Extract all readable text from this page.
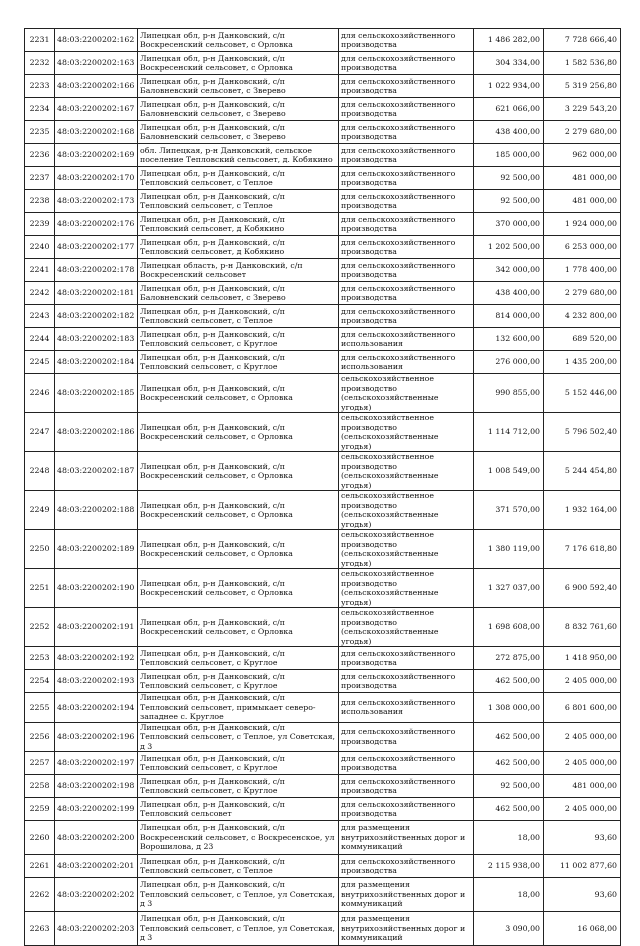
2231	48:03:2200202:162	Липецкая обл, р-н Данковский, с/п Воскресенский сельсовет, с Орловка	для сельскохозяйственного производства	1 486 282,00	7 728 666,40
2232	48:03:2200202:163	Липецкая обл, р-н Данковский, с/п Воскресенский сельсовет, с Орловка	для сельскохозяйственного производства	304 334,00	1 582 536,80
2233	48:03:2200202:166	Липецкая обл, р-н Данковский, с/п Баловневский сельсовет, с Зверево	для сельскохозяйственного производства	1 022 934,00	5 319 256,80
2234	48:03:2200202:167	Липецкая обл, р-н Данковский, с/п Баловневский сельсовет, с Зверево	для сельскохозяйственного производства	621 066,00	3 229 543,20
2235	48:03:2200202:168	Липецкая обл, р-н Данковский, с/п Баловневский сельсовет, с Зверево	для сельскохозяйственного производства	438 400,00	2 279 680,00
2236	48:03:2200202:169	обл. Липецкая, р-н Данковский, сельское поселение Тепловский сельсовет, д. Кобякино	для сельскохозяйственного производства	185 000,00	962 000,00
2237	48:03:2200202:170	Липецкая обл, р-н Данковский, с/п Тепловский сельсовет, с Теплое	для сельскохозяйственного производства	92 500,00	481 000,00
2238	48:03:2200202:173	Липецкая обл, р-н Данковский, с/п Тепловский сельсовет, с Теплое	для сельскохозяйственного производства	92 500,00	481 000,00
2239	48:03:2200202:176	Липецкая обл, р-н Данковский, с/п Тепловский сельсовет, д Кобякино	для сельскохозяйственного производства	370 000,00	1 924 000,00
2240	48:03:2200202:177	Липецкая обл, р-н Данковский, с/п Тепловский сельсовет, д Кобякино	для сельскохозяйственного производства	1 202 500,00	6 253 000,00
2241	48:03:2200202:178	Липецкая область, р-н Данковский, с/п Воскресенский сельсовет	для сельскохозяйственного производства	342 000,00	1 778 400,00
2242	48:03:2200202:181	Липецкая обл, р-н Данковский, с/п Баловневский сельсовет, с Зверево	для сельскохозяйственного производства	438 400,00	2 279 680,00
2243	48:03:2200202:182	Липецкая обл, р-н Данковский, с/п Тепловский сельсовет, с Теплое	для сельскохозяйственного производства	814 000,00	4 232 800,00
2244	48:03:2200202:183	Липецкая обл, р-н Данковский, с/п Тепловский сельсовет, с Круглое	для сельскохозяйственного использования	132 600,00	689 520,00
2245	48:03:2200202:184	Липецкая обл, р-н Данковский, с/п Тепловский сельсовет, с Круглое	для сельскохозяйственного использования	276 000,00	1 435 200,00
2246	48:03:2200202:185	Липецкая обл, р-н Данковский, с/п Воскресенский сельсовет, с Орловка	сельскохозяйственное производство (сельскохозяйственные угодья)	990 855,00	5 152 446,00
2247	48:03:2200202:186	Липецкая обл, р-н Данковский, с/п Воскресенский сельсовет, с Орловка	сельскохозяйственное производство (сельскохозяйственные угодья)	1 114 712,00	5 796 502,40
2248	48:03:2200202:187	Липецкая обл, р-н Данковский, с/п Воскресенский сельсовет, с Орловка	сельскохозяйственное производство (сельскохозяйственные угодья)	1 008 549,00	5 244 454,80
2249	48:03:2200202:188	Липецкая обл, р-н Данковский, с/п Воскресенский сельсовет, с Орловка	сельскохозяйственное производство (сельскохозяйственные угодья)	371 570,00	1 932 164,00
2250	48:03:2200202:189	Липецкая обл, р-н Данковский, с/п Воскресенский сельсовет, с Орловка	сельскохозяйственное производство (сельскохозяйственные угодья)	1 380 119,00	7 176 618,80
2251	48:03:2200202:190	Липецкая обл, р-н Данковский, с/п Воскресенский сельсовет, с Орловка	сельскохозяйственное производство (сельскохозяйственные угодья)	1 327 037,00	6 900 592,40
2252	48:03:2200202:191	Липецкая обл, р-н Данковский, с/п Воскресенский сельсовет, с Орловка	сельскохозяйственное производство (сельскохозяйственные угодья)	1 698 608,00	8 832 761,60
2253	48:03:2200202:192	Липецкая обл, р-н Данковский, с/п Тепловский сельсовет, с Круглое	для сельскохозяйственного производства	272 875,00	1 418 950,00
2254	48:03:2200202:193	Липецкая обл, р-н Данковский, с/п Тепловский сельсовет, с Круглое	для сельскохозяйственного производства	462 500,00	2 405 000,00
2255	48:03:2200202:194	Липецкая обл, р-н Данковский, с/п Тепловский сельсовет, примыкает северо-западнее с. Круглое	для сельскохозяйственного использования	1 308 000,00	6 801 600,00
2256	48:03:2200202:196	Липецкая обл, р-н Данковский, с/п Тепловский сельсовет, с Теплое, ул Советская, д 3	для сельскохозяйственного производства	462 500,00	2 405 000,00
2257	48:03:2200202:197	Липецкая обл, р-н Данковский, с/п Тепловский сельсовет, с Круглое	для сельскохозяйственного производства	462 500,00	2 405 000,00
2258	48:03:2200202:198	Липецкая обл, р-н Данковский, с/п Тепловский сельсовет, с Круглое	для сельскохозяйственного производства	92 500,00	481 000,00
2259	48:03:2200202:199	Липецкая обл, р-н Данковский, с/п Тепловский сельсовет	для сельскохозяйственного производства	462 500,00	2 405 000,00
2260	48:03:2200202:200	Липецкая обл, р-н Данковский, с/п Воскресенский сельсовет, с Воскресенское, ул Ворошилова, д 23	для размещения внутрихозяйственных дорог и коммуникаций	18,00	93,60
2261	48:03:2200202:201	Липецкая обл, р-н Данковский, с/п Тепловский сельсовет, с Теплое	для сельскохозяйственного производства	2 115 938,00	11 002 877,60
2262	48:03:2200202:202	Липецкая обл, р-н Данковский, с/п Тепловский сельсовет, с Теплое, ул Советская, д 3	для размещения внутрихозяйственных дорог и коммуникаций	18,00	93,60
2263	48:03:2200202:203	Липецкая обл, р-н Данковский, с/п Тепловский сельсовет, с Теплое, ул Советская, д 3	для размещения внутрихозяйственных дорог и коммуникаций	3 090,00	16 068,00
